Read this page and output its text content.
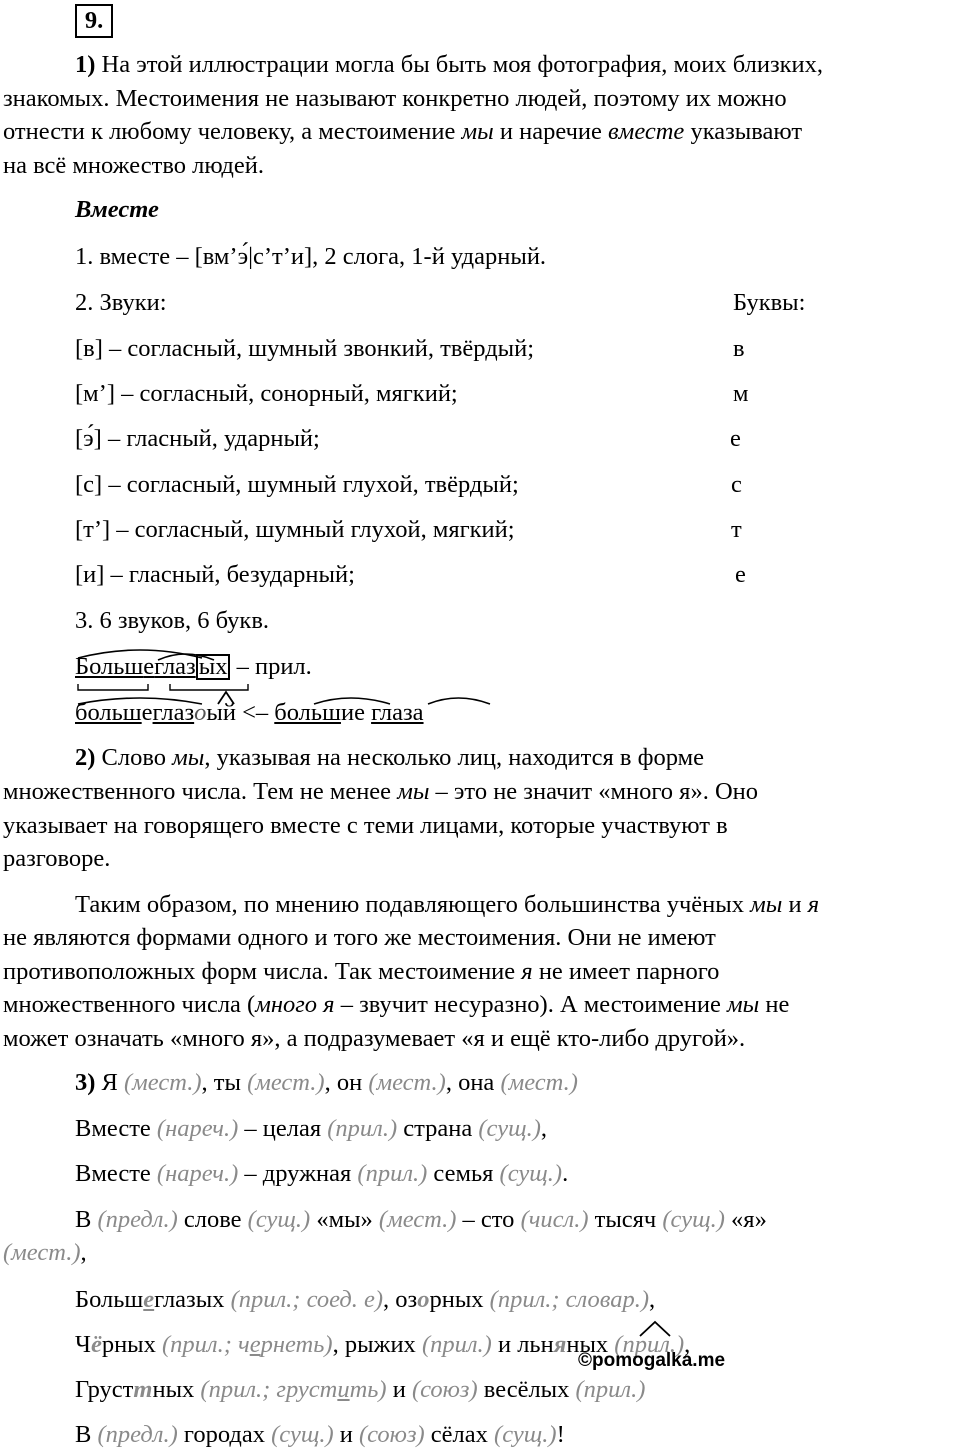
9.
1) На этой иллюстрации могла бы быть моя фотография, моих близких,
знакомых. Местоимения не называют конкретно людей, поэтому их можно
отнести к любому человеку, а местоимение мы и наречие вместе указывают
на всё множество людей.
Вместе
1. вместе – [вм’э́|с’т’и], 2 слога, 1-й ударный.
2. Звуки:	Буквы:
[в] – согласный, шумный звонкий, твёрдый;	в
[м’] – согласный, сонорный, мягкий;	м
[э́] – гласный, ударный;	е
[с] – согласный, шумный глухой, твёрдый;	с
[т’] – согласный, шумный глухой, мягкий;	т
[и] – гласный, безударный;	е
3. 6 звуков, 6 букв.
Большеглаз ых – прил.
большеглазоый <– большие глаза
2) Слово мы, указывая на несколько лиц, находится в форме
множественного числа. Тем не менее мы – это не значит «много я». Оно
указывает на говорящего вместе с теми лицами, которые участвуют в
разговоре.
Таким образом, по мнению подавляющего большинства учёных мы и я
не являются формами одного и того же местоимения. Они не имеют
противоположных форм числа. Так местоимение я не имеет парного
множественного числа (много я – звучит несуразно). А местоимение мы не
может означать «много я», а подразумевает «я и ещё кто-либо другой».
3) Я (мест.), ты (мест.), он (мест.), она (мест.)
Вместе (нареч.) – целая (прил.) страна (сущ.),
Вместе (нареч.) – дружная (прил.) семья (сущ.).
В (предл.) слове (сущ.) «мы» (мест.) – сто (числ.) тысяч (сущ.) «я»
(мест.),
Большеглазых (прил.; соед. е), озорных (прил.; словар.),
Чёрных (прил.; чернеть), рыжих (прил.) и льняных (прил.),
Грусттных (прил.; грустить) и (союз) весёлых (прил.)
В (предл.) городах (сущ.) и (союз) сёлах (сущ.)!
©pomogalka.me
